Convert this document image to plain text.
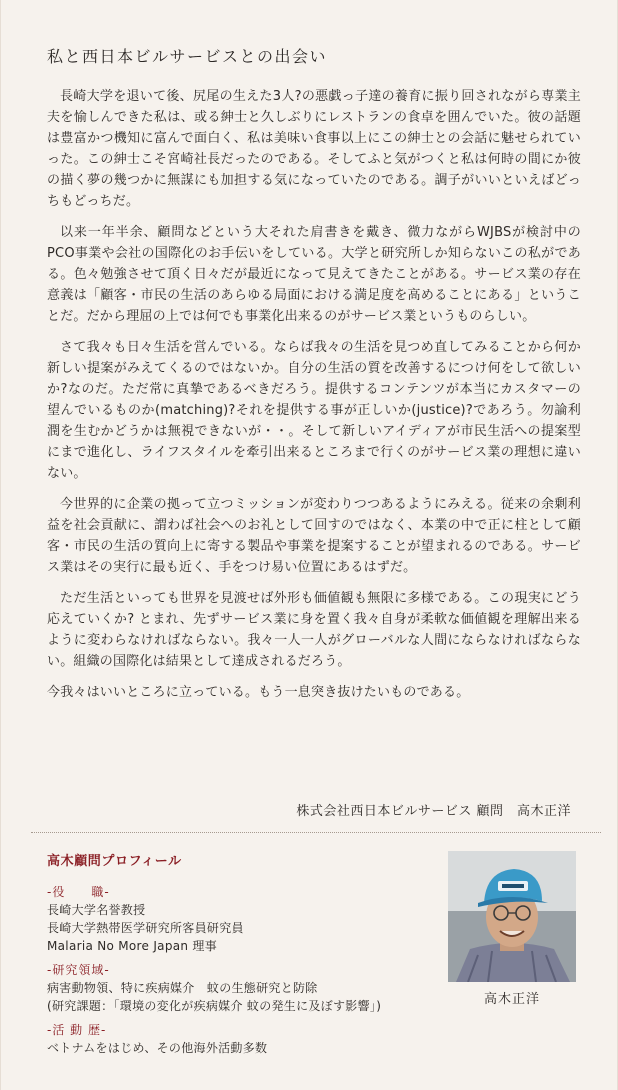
私と西日本ビルサービスとの出会い

長崎大学を退いて後、尻尾の生えた3人?の悪戯っ子達の養育に振り回されながら専業主夫を愉しんできた私は、或る紳士と久しぶりにレストランの食卓を囲んでいた。彼の話題は豊富かつ機知に富んで面白く、私は美味い食事以上にこの紳士との会話に魅せられていった。この紳士こそ宮崎社長だったのである。そしてふと気がつくと私は何時の間にか彼の描く夢の幾つかに無謀にも加担する気になっていたのである。調子がいいといえばどっちもどっちだ。

以来一年半余、顧問などという大それた肩書きを戴き、微力ながらWJBSが検討中のPCO事業や会社の国際化のお手伝いをしている。大学と研究所しか知らないこの私がである。色々勉強させて頂く日々だが最近になって見えてきたことがある。サービス業の存在意義は「顧客・市民の生活のあらゆる局面における満足度を高めることにある」ということだ。だから理屈の上では何でも事業化出来るのがサービス業というものらしい。

さて我々も日々生活を営んでいる。ならば我々の生活を見つめ直してみることから何か新しい提案がみえてくるのではないか。自分の生活の質を改善するにつけ何をして欲しいか?なのだ。ただ常に真摯であるべきだろう。提供するコンテンツが本当にカスタマーの望んでいるものか(matching)?それを提供する事が正しいか(justice)?であろう。勿論利潤を生むかどうかは無視できないが・・。そして新しいアイディアが市民生活への提案型にまで進化し、ライフスタイルを牽引出来るところまで行くのがサービス業の理想に違いない。

今世界的に企業の拠って立つミッションが変わりつつあるようにみえる。従来の余剰利益を社会貢献に、謂わば社会へのお礼として回すのではなく、本業の中で正に柱として顧客・市民の生活の質向上に寄する製品や事業を提案することが望まれるのである。サービス業はその実行に最も近く、手をつけ易い位置にあるはずだ。

ただ生活といっても世界を見渡せば外形も価値観も無限に多様である。この現実にどう応えていくか? とまれ、先ずサービス業に身を置く我々自身が柔軟な価値観を理解出来るように変わらなければならない。我々一人一人がグローバルな人間にならなければならない。組織の国際化は結果として達成されるだろう。

今我々はいいところに立っている。もう一息突き抜けたいものである。

株式会社西日本ビルサービス 顧問　高木正洋
高木顧問プロフィール
-役　　職-
長崎大学名誉教授
長崎大学熱帯医学研究所客員研究員
Malaria No More Japan 理事
-研究領域-
病害動物領、特に疾病媒介　蚊の生態研究と防除
(研究課題：「環境の変化が疾病媒介 蚊の発生に及ぼす影響」)
-活 動 歴-
ベトナムをはじめ、その他海外活動多数
高木正洋
